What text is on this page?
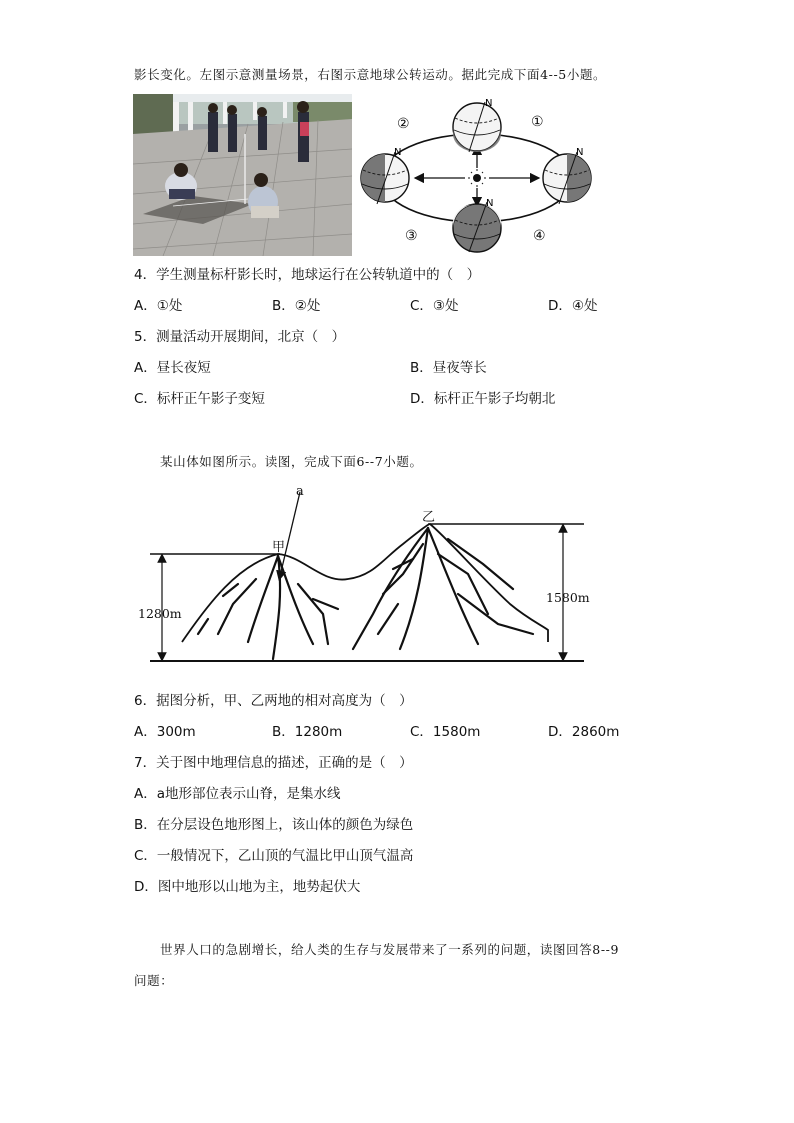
影长变化。左图示意测量场景，右图示意地球公转运动。据此完成下面4--5小题。
N
N
N	N
②	①
③	④
4．学生测量标杆影长时，地球运行在公转轨道中的（　）
A．①处	B．②处	C．③处	D．④处
5．测量活动开展期间，北京（　）
A．昼长夜短	B．昼夜等长
C．标杆正午影子变短	D．标杆正午影子均朝北
某山体如图所示。读图，完成下面6--7小题。
a
甲
乙
1280m
1580m
6．据图分析，甲、乙两地的相对高度为（　）
A．300m	B．1280m	C．1580m	D．2860m
7．关于图中地理信息的描述，正确的是（　）
A．a地形部位表示山脊，是集水线
B．在分层设色地形图上，该山体的颜色为绿色
C．一般情况下，乙山顶的气温比甲山顶气温高
D．图中地形以山地为主，地势起伏大
世界人口的急剧增长，给人类的生存与发展带来了一系列的问题，读图回答8--9
问题：
